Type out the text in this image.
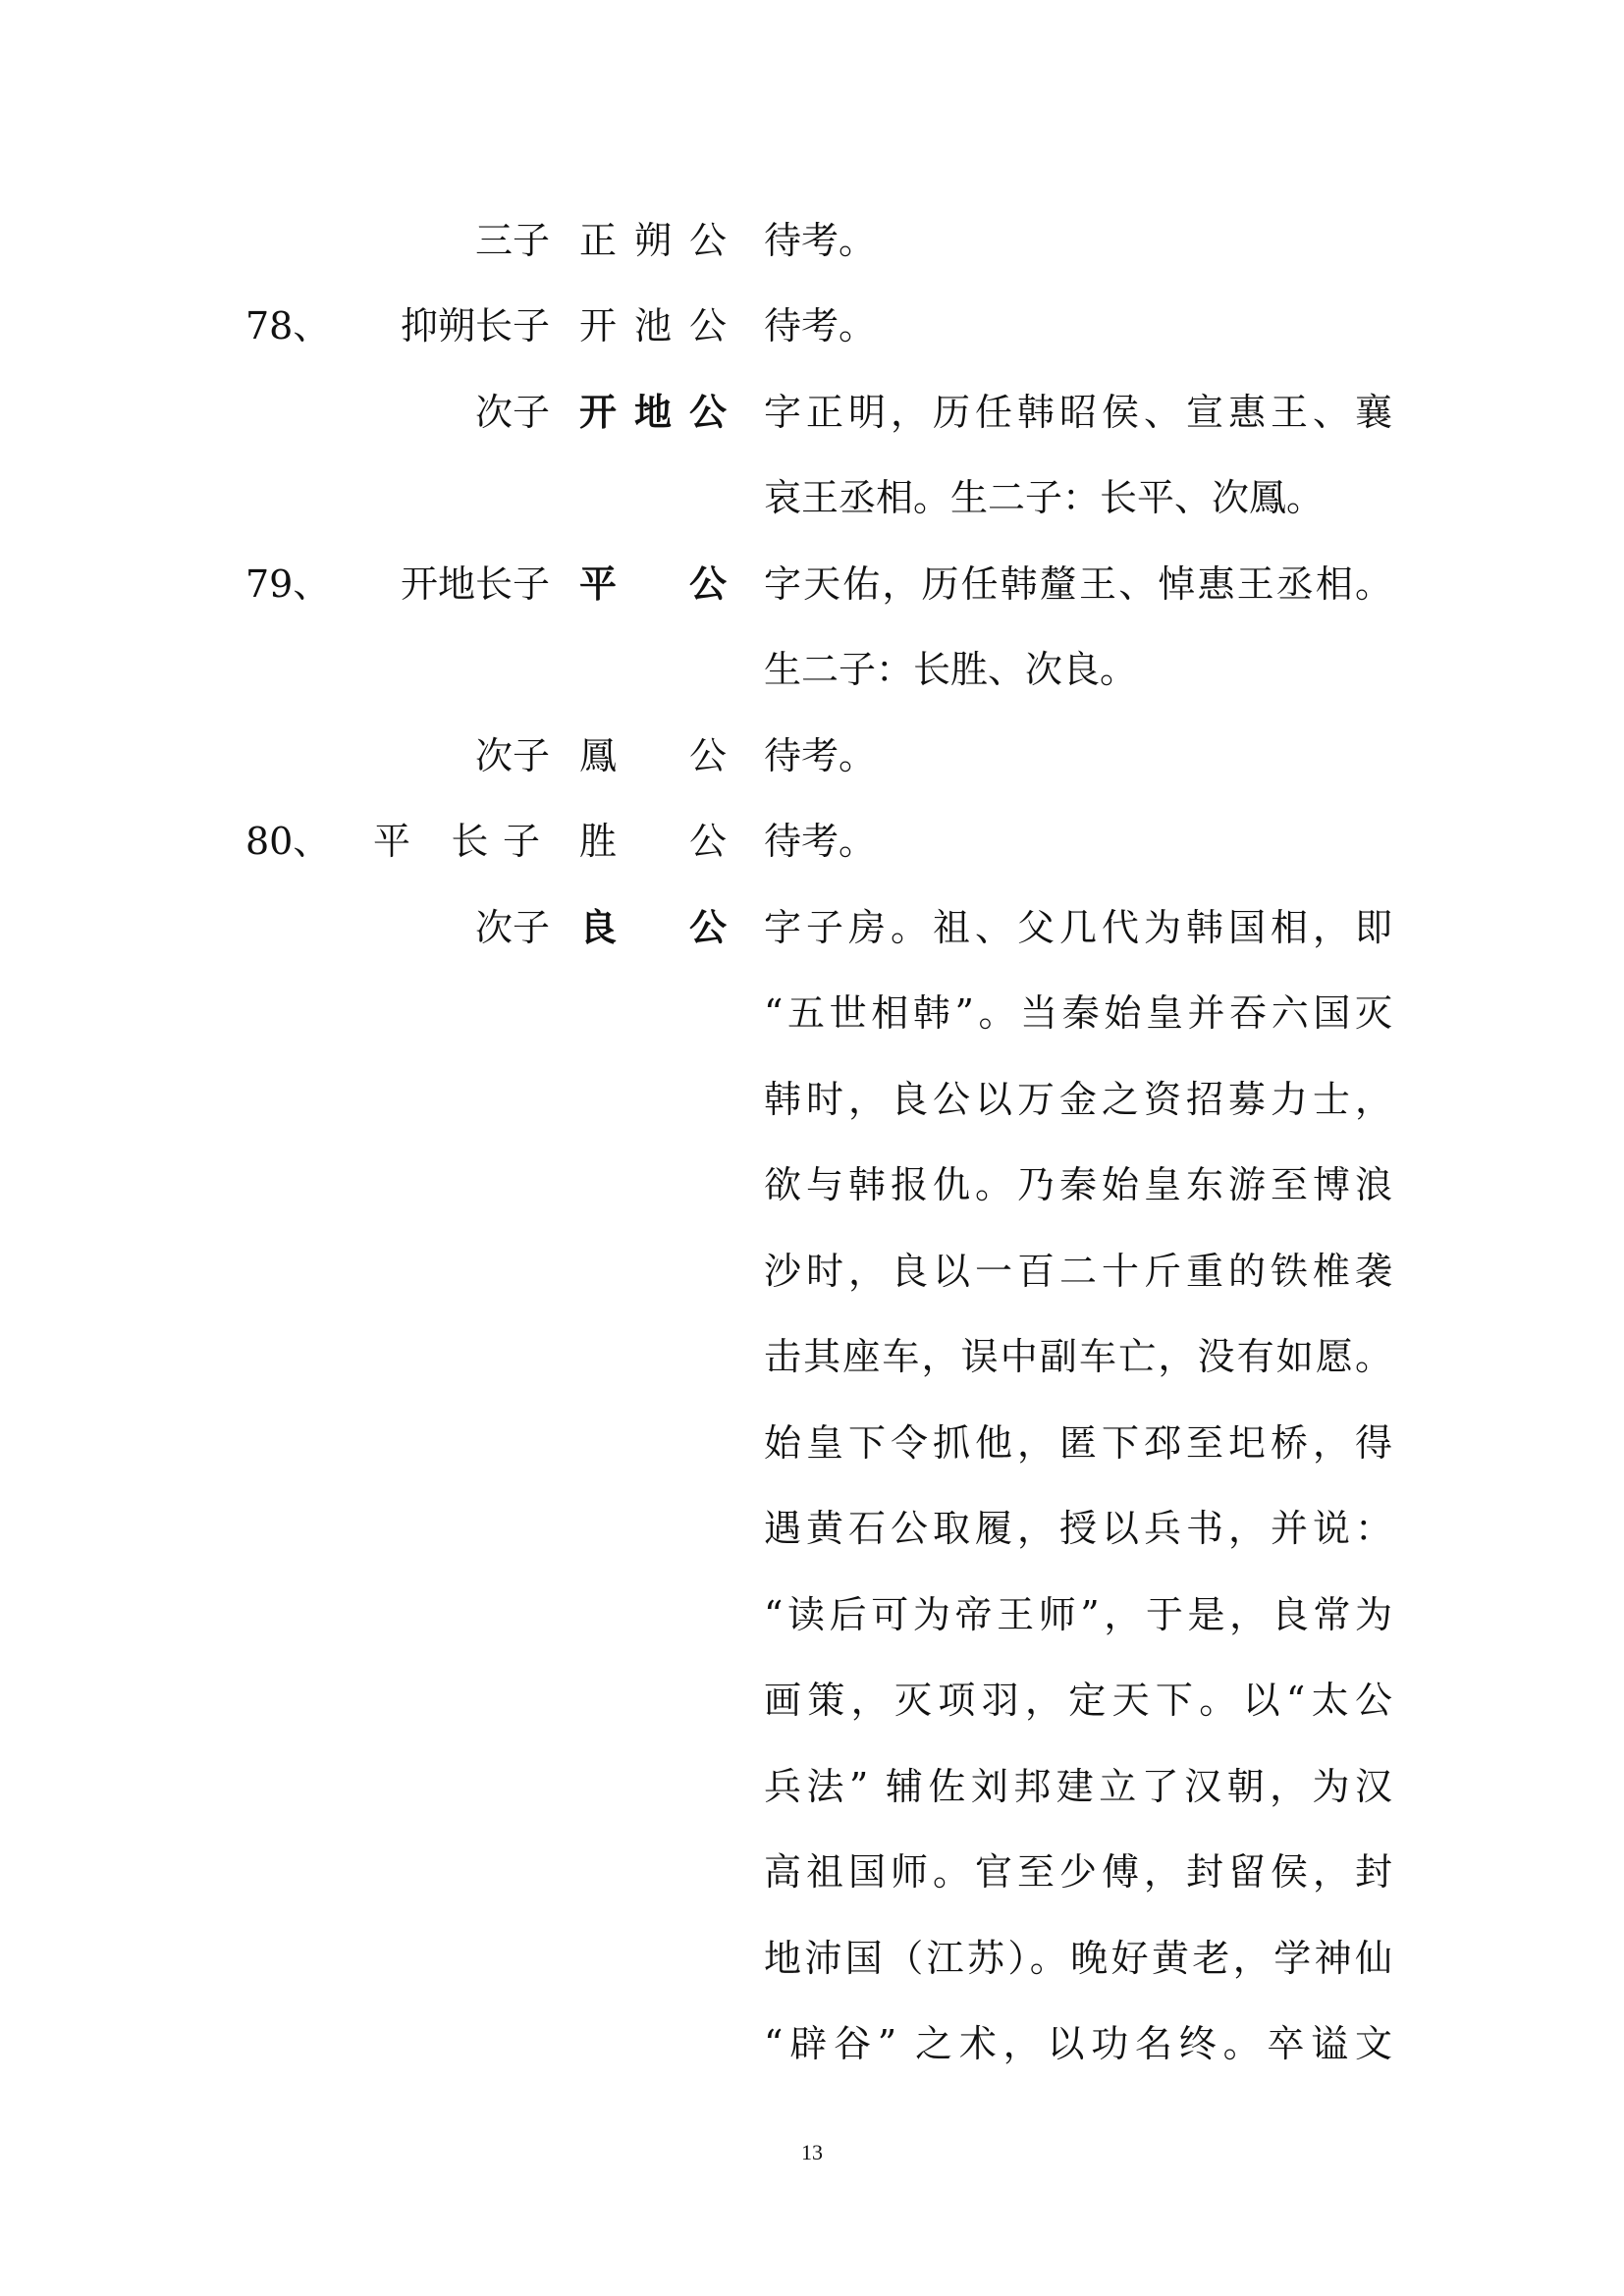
三子 正朔公 待考。
78、	抑朔长子 开池公 待考。
次子 开地公 字正明，历任韩昭侯、宣惠王、襄
哀王丞相。生二子：长平、次鳳。
79、	开地长子 平 公 字天佑，历任韩釐王、悼惠王丞相。
生二子：长胜、次良。
次子 鳳 公 待考。
80、	平 长子 胜 公 待考。
次子 良 公 字子房。祖、父几代为韩国相，即
“五世相韩”。当秦始皇并吞六国灭
韩时，良公以万金之资招募力士，
欲与韩报仇。乃秦始皇东游至博浪
沙时，良以一百二十斤重的铁椎袭
击其座车，误中副车亡，没有如愿。
始皇下令抓他，匿下邳至圯桥，得
遇黄石公取履，授以兵书，并说：
“读后可为帝王师”，于是，良常为
画策，灭项羽，定天下。以“太公
兵法” 辅佐刘邦建立了汉朝，为汉
高祖国师。官至少傅，封留侯，封
地沛国（江苏）。晚好黄老，学神仙
“辟谷” 之术，以功名终。卒谥文
13
